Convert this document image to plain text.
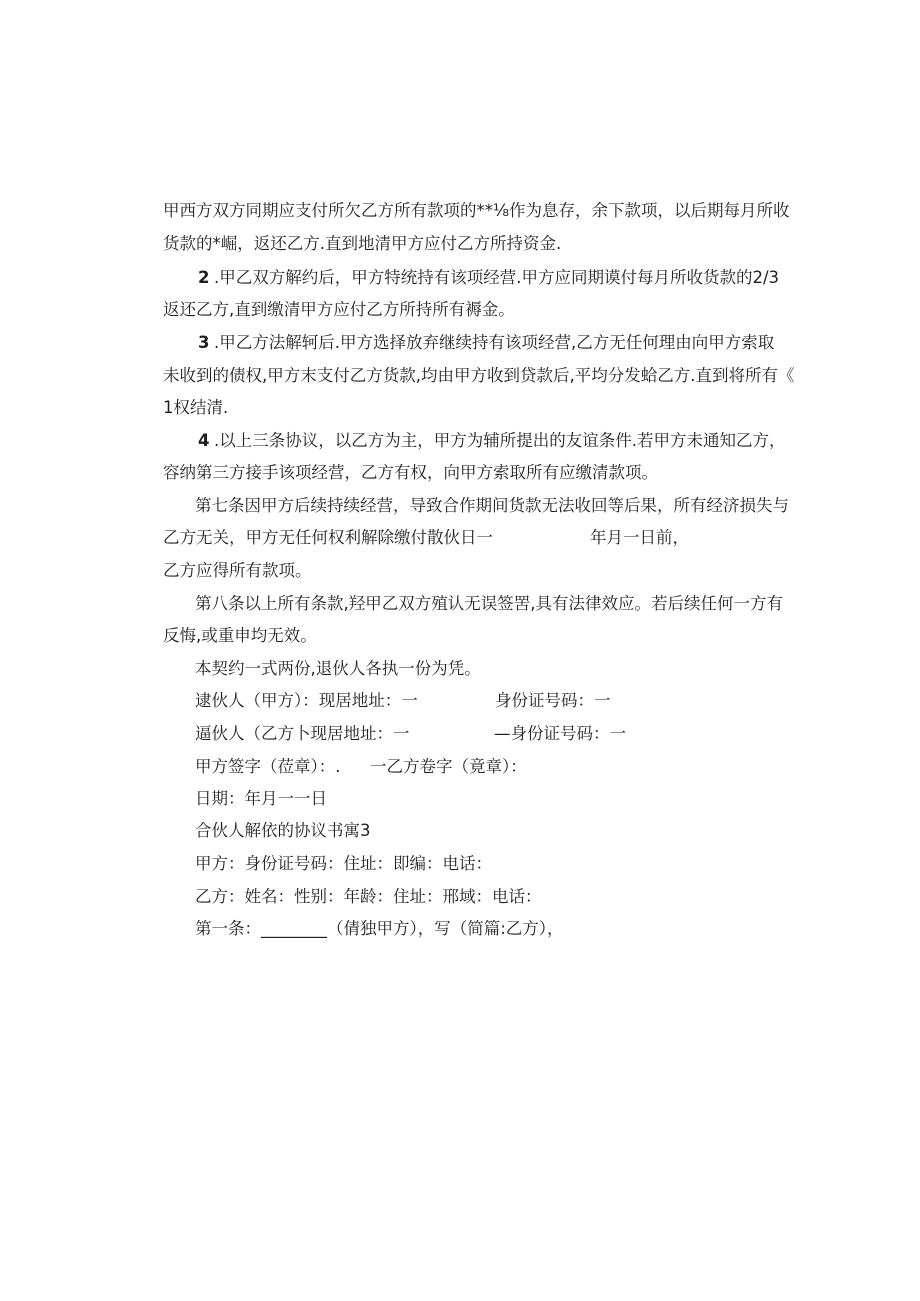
甲西方双方同期应支付所欠乙方所有款项的**⅛作为息存，余下款项，以后期每月所收
货款的*崛，返还乙方.直到地清甲方应付乙方所持资金.
2 .甲乙双方解约后，甲方特统持有该项经营.甲方应同期谟付每月所收货款的2/3
返还乙方,直到缴清甲方应付乙方所持所有褥金。
3 .甲乙方法解轲后.甲方选择放弃继续持有该项经营,乙方无任何理由向甲方索取
未收到的债权,甲方末支付乙方货款,均由甲方收到贷款后,平均分发蛤乙方.直到将所有《
1权结清.
4 .以上三条协议，以乙方为主，甲方为辅所提出的友谊条件.若甲方未通知乙方，
容纳第三方接手该项经营，乙方有权，向甲方索取所有应缴清款项。
第七条因甲方后续持续经营，导致合作期间货款无法收回等后果，所有经济损失与
乙方无关，甲方无任何权利解除缴付散伙日一	年月一日前，
乙方应得所有款项。
第八条以上所有条款,羟甲乙双方殖认无误签罟,具有法律效应。若后续任何一方有
反悔,或重申均无效。
本契约一式两份,退伙人各执一份为凭。
逮伙人（甲方）：现居地址：一	身份证号码：一
逼伙人（乙方卜现居地址：一	—身份证号码：一
甲方签字（莅章）：. 一乙方卷字（竟章）：
日期：年月一一日
合伙人解依的协议书寓3
甲方：身份证号码：住址：即编：电话：
乙方：姓名：性别：年龄：住址：邢域：电话：
第一条：________（倩独甲方），写（简篇:乙方），
